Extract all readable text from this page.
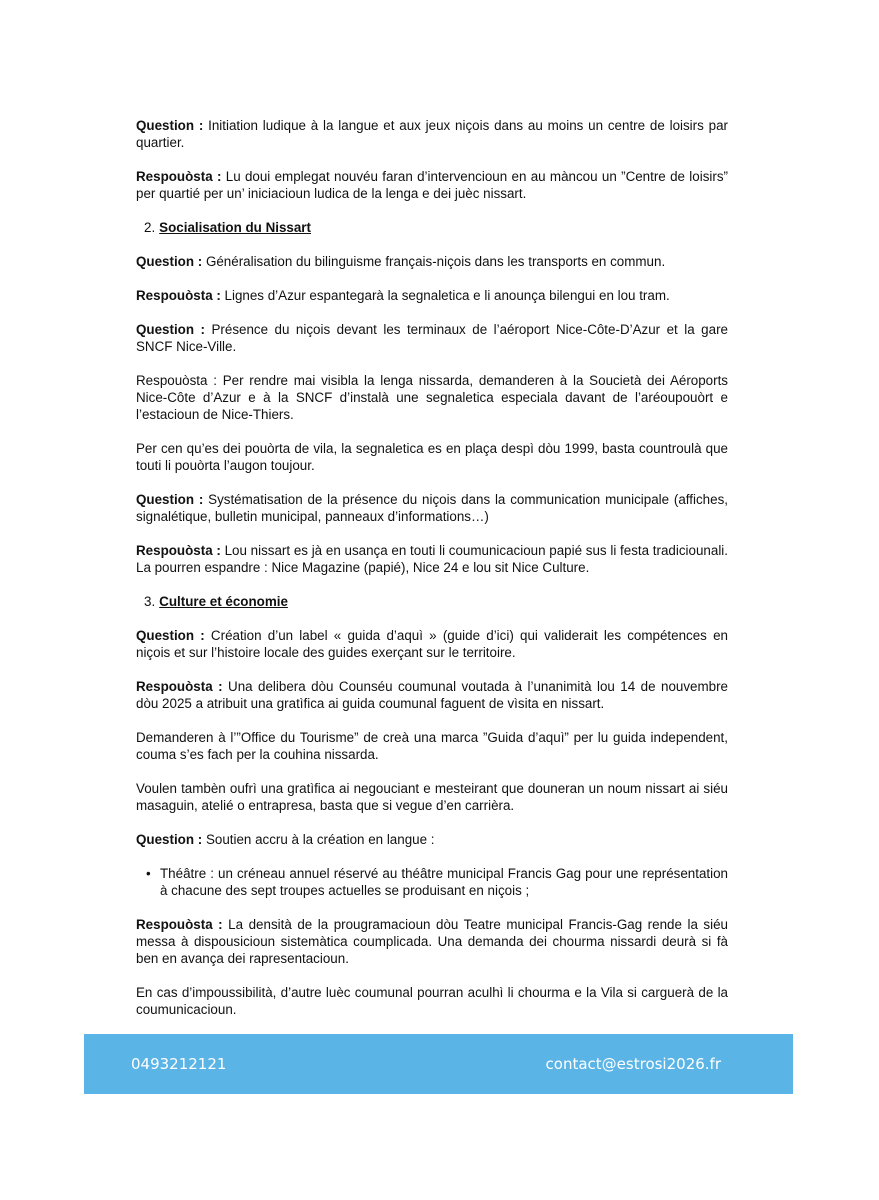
Question : Initiation ludique à la langue et aux jeux niçois dans au moins un centre de loisirs par quartier.

Respouòsta : Lu doui emplegat nouvéu faran d’intervencioun en au màncou un ”Centre de loisirs” per quartié per un’ iniciacioun ludica de la lenga e dei juèc nissart.

2. Socialisation du Nissart

Question : Généralisation du bilinguisme français-niçois dans les transports en commun.

Respouòsta : Lignes d’Azur espantegarà la segnaletica e li anounça bilengui en lou tram.

Question : Présence du niçois devant les terminaux de l’aéroport Nice-Côte-D’Azur et la gare SNCF Nice-Ville.

Respouòsta : Per rendre mai visibla la lenga nissarda, demanderen à la Soucietà dei Aéroports Nice-Côte d’Azur e à la SNCF d’instalà une segnaletica especiala davant de l’aréoupouòrt e l’estacioun de Nice-Thiers.

Per cen qu’es dei pouòrta de vila, la segnaletica es en plaça despì dòu 1999, basta countroulà que touti li pouòrta l’augon toujour.

Question : Systématisation de la présence du niçois dans la communication municipale (affiches, signalétique, bulletin municipal, panneaux d’informations…)

Respouòsta : Lou nissart es jà en usança en touti li coumunicacioun papié sus li festa tradiciounali. La pourren espandre : Nice Magazine (papié), Nice 24 e lou sit Nice Culture.

3. Culture et économie

Question : Création d’un label « guida d’aquì » (guide d’ici) qui validerait les compétences en niçois et sur l’histoire locale des guides exerçant sur le territoire.

Respouòsta : Una delibera dòu Counséu coumunal voutada à l’unanimità lou 14 de nouvembre dòu 2025 a atribuit una gratìfica ai guida coumunal faguent de vìsita en nissart.

Demanderen à l’”Office du Tourisme” de creà una marca ”Guida d’aquì” per lu guida independent, couma s’es fach per la couhina nissarda.

Voulen tambèn oufrì una gratìfica ai negouciant e mesteirant que douneran un noum nissart ai siéu masaguin, atelié o entrapresa, basta que si vegue d’en carrièra.

Question : Soutien accru à la création en langue :

• Théâtre : un créneau annuel réservé au théâtre municipal Francis Gag pour une représentation à chacune des sept troupes actuelles se produisant en niçois ;

Respouòsta : La densità de la prougramacioun dòu Teatre municipal Francis-Gag rende la siéu messa à dispousicioun sistemàtica coumplicada. Una demanda dei chourma nissardi deurà si fà ben en avança dei rapresentacioun.

En cas d’impoussibilità, d’autre luèc coumunal pourran aculhì li chourma e la Vila si carguerà de la coumunicacioun.

0493212121	contact@estrosi2026.fr
